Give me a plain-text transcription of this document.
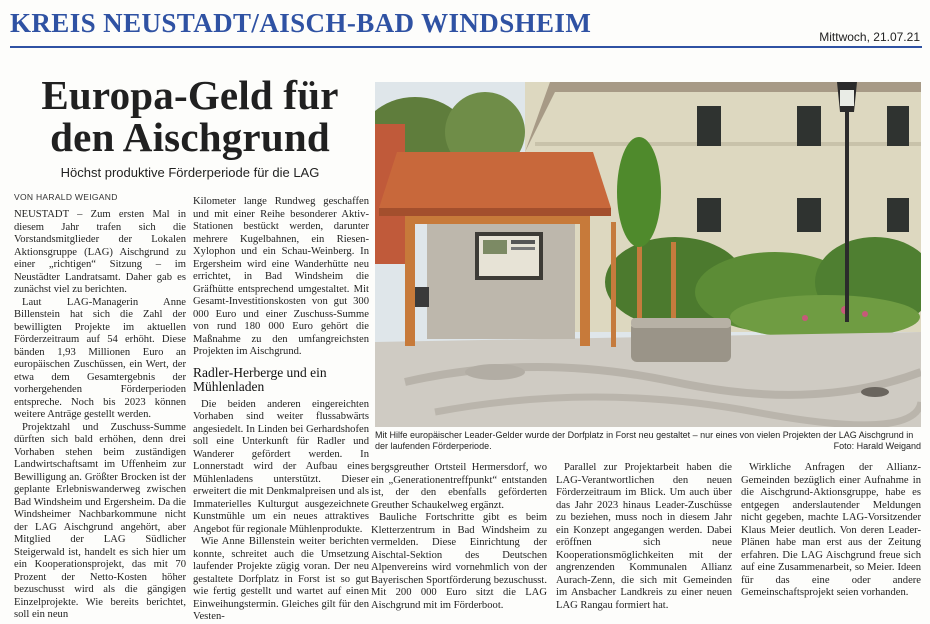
KREIS NEUSTADT/AISCH-BAD WINDSHEIM	Mittwoch, 21.07.21
Europa-Geld für
den Aischgrund
Höchst produktive Förderperiode für die LAG
VON HARALD WEIGAND

NEUSTADT – Zum ersten Mal in diesem Jahr trafen sich die Vorstandsmitglieder der Lokalen Aktionsgruppe (LAG) Aischgrund zu einer „richtigen“ Sitzung – im Neustädter Landratsamt. Daher gab es zunächst viel zu berichten.

Laut LAG-Managerin Anne Billenstein hat sich die Zahl der bewilligten Projekte im aktuellen Förderzeitraum auf 54 erhöht. Diese bänden 1,93 Millionen Euro an europäischen Zuschüssen, ein Wert, der etwa dem Gesamtergebnis der vorhergehenden Förderperioden entspreche. Noch bis 2023 können weitere Anträge gestellt werden.

Projektzahl und Zuschuss-Summe dürften sich bald erhöhen, denn drei Vorhaben stehen beim zuständigen Landwirtschaftsamt im Uffenheim zur Bewilligung an. Größter Brocken ist der geplante Erlebniswanderweg zwischen Bad Windsheim und Ergersheim. Da die Windsheimer Nachbarkommune nicht der LAG Aischgrund angehört, aber Mitglied der LAG Südlicher Steigerwald ist, handelt es sich hier um ein Kooperationsprojekt, das mit 70 Prozent der Netto-Kosten höher bezuschusst wird als die gängigen Einzelprojekte. Wie bereits berichtet, soll ein neun

Kilometer lange Rundweg geschaffen und mit einer Reihe besonderer Aktiv-Stationen bestückt werden, darunter mehrere Kugelbahnen, ein Riesen-Xylophon und ein Schau-Weinberg. In Ergersheim wird eine Wanderhütte neu errichtet, in Bad Windsheim die Gräfhütte entsprechend umgestaltet. Mit Gesamt-Investitionskosten von gut 300 000 Euro und einer Zuschuss-Summe von rund 180 000 Euro gehört die Maßnahme zu den umfangreichsten Projekten im Aischgrund.

Radler-Herberge und ein Mühlenladen

Die beiden anderen eingereichten Vorhaben sind weiter flussabwärts angesiedelt. In Linden bei Gerhardshofen soll eine Unterkunft für Radler und Wanderer gefördert werden. In Lonnerstadt wird der Aufbau eines Mühlenladens unterstützt. Dieser erweitert die mit Denkmalpreisen und als Immaterielles Kulturgut ausgezeichnete Kunstmühle um ein neues attraktives Angebot für regionale Mühlenprodukte.

Wie Anne Billenstein weiter berichten konnte, schreitet auch die Umsetzung laufender Projekte zügig voran. Der neu gestaltete Dorfplatz in Forst ist so gut wie fertig gestellt und wartet auf einen Einweihungstermin. Gleiches gilt für den Vesten-

Mit Hilfe europäischer Leader-Gelder wurde der Dorfplatz in Forst neu gestaltet – nur eines von vielen Projekten der LAG Aischgrund in der laufenden Förderperiode.	Foto: Harald Weigand

bergsgreuther Ortsteil Hermersdorf, wo ein „Generationentreffpunkt“ entstanden ist, der den ebenfalls geförderten Greuther Schaukelweg ergänzt.

Bauliche Fortschritte gibt es beim Kletterzentrum in Bad Windsheim zu vermelden. Diese Einrichtung der Aischtal-Sektion des Deutschen Alpenvereins wird vornehmlich von der Bayerischen Sportförderung bezuschusst. Mit 200 000 Euro sitzt die LAG Aischgrund mit im Förderboot.

Parallel zur Projektarbeit haben die LAG-Verantwortlichen den neuen Förderzeitraum im Blick. Um auch über das Jahr 2023 hinaus Leader-Zuschüsse zu beziehen, muss noch in diesem Jahr ein Konzept angegangen werden. Dabei eröffnen sich neue Kooperationsmöglichkeiten mit der angrenzenden Kommunalen Allianz Aurach-Zenn, die sich mit Gemeinden im Ansbacher Landkreis zu einer neuen LAG Rangau formiert hat.

Wirkliche Anfragen der Allianz-Gemeinden bezüglich einer Aufnahme in die Aischgrund-Aktionsgruppe, habe es entgegen anderslautender Meldungen nicht gegeben, machte LAG-Vorsitzender Klaus Meier deutlich. Von deren Leader-Plänen habe man erst aus der Zeitung erfahren. Die LAG Aischgrund freue sich auf eine Zusammenarbeit, so Meier. Ideen für das eine oder andere Gemeinschaftsprojekt seien vorhanden.
